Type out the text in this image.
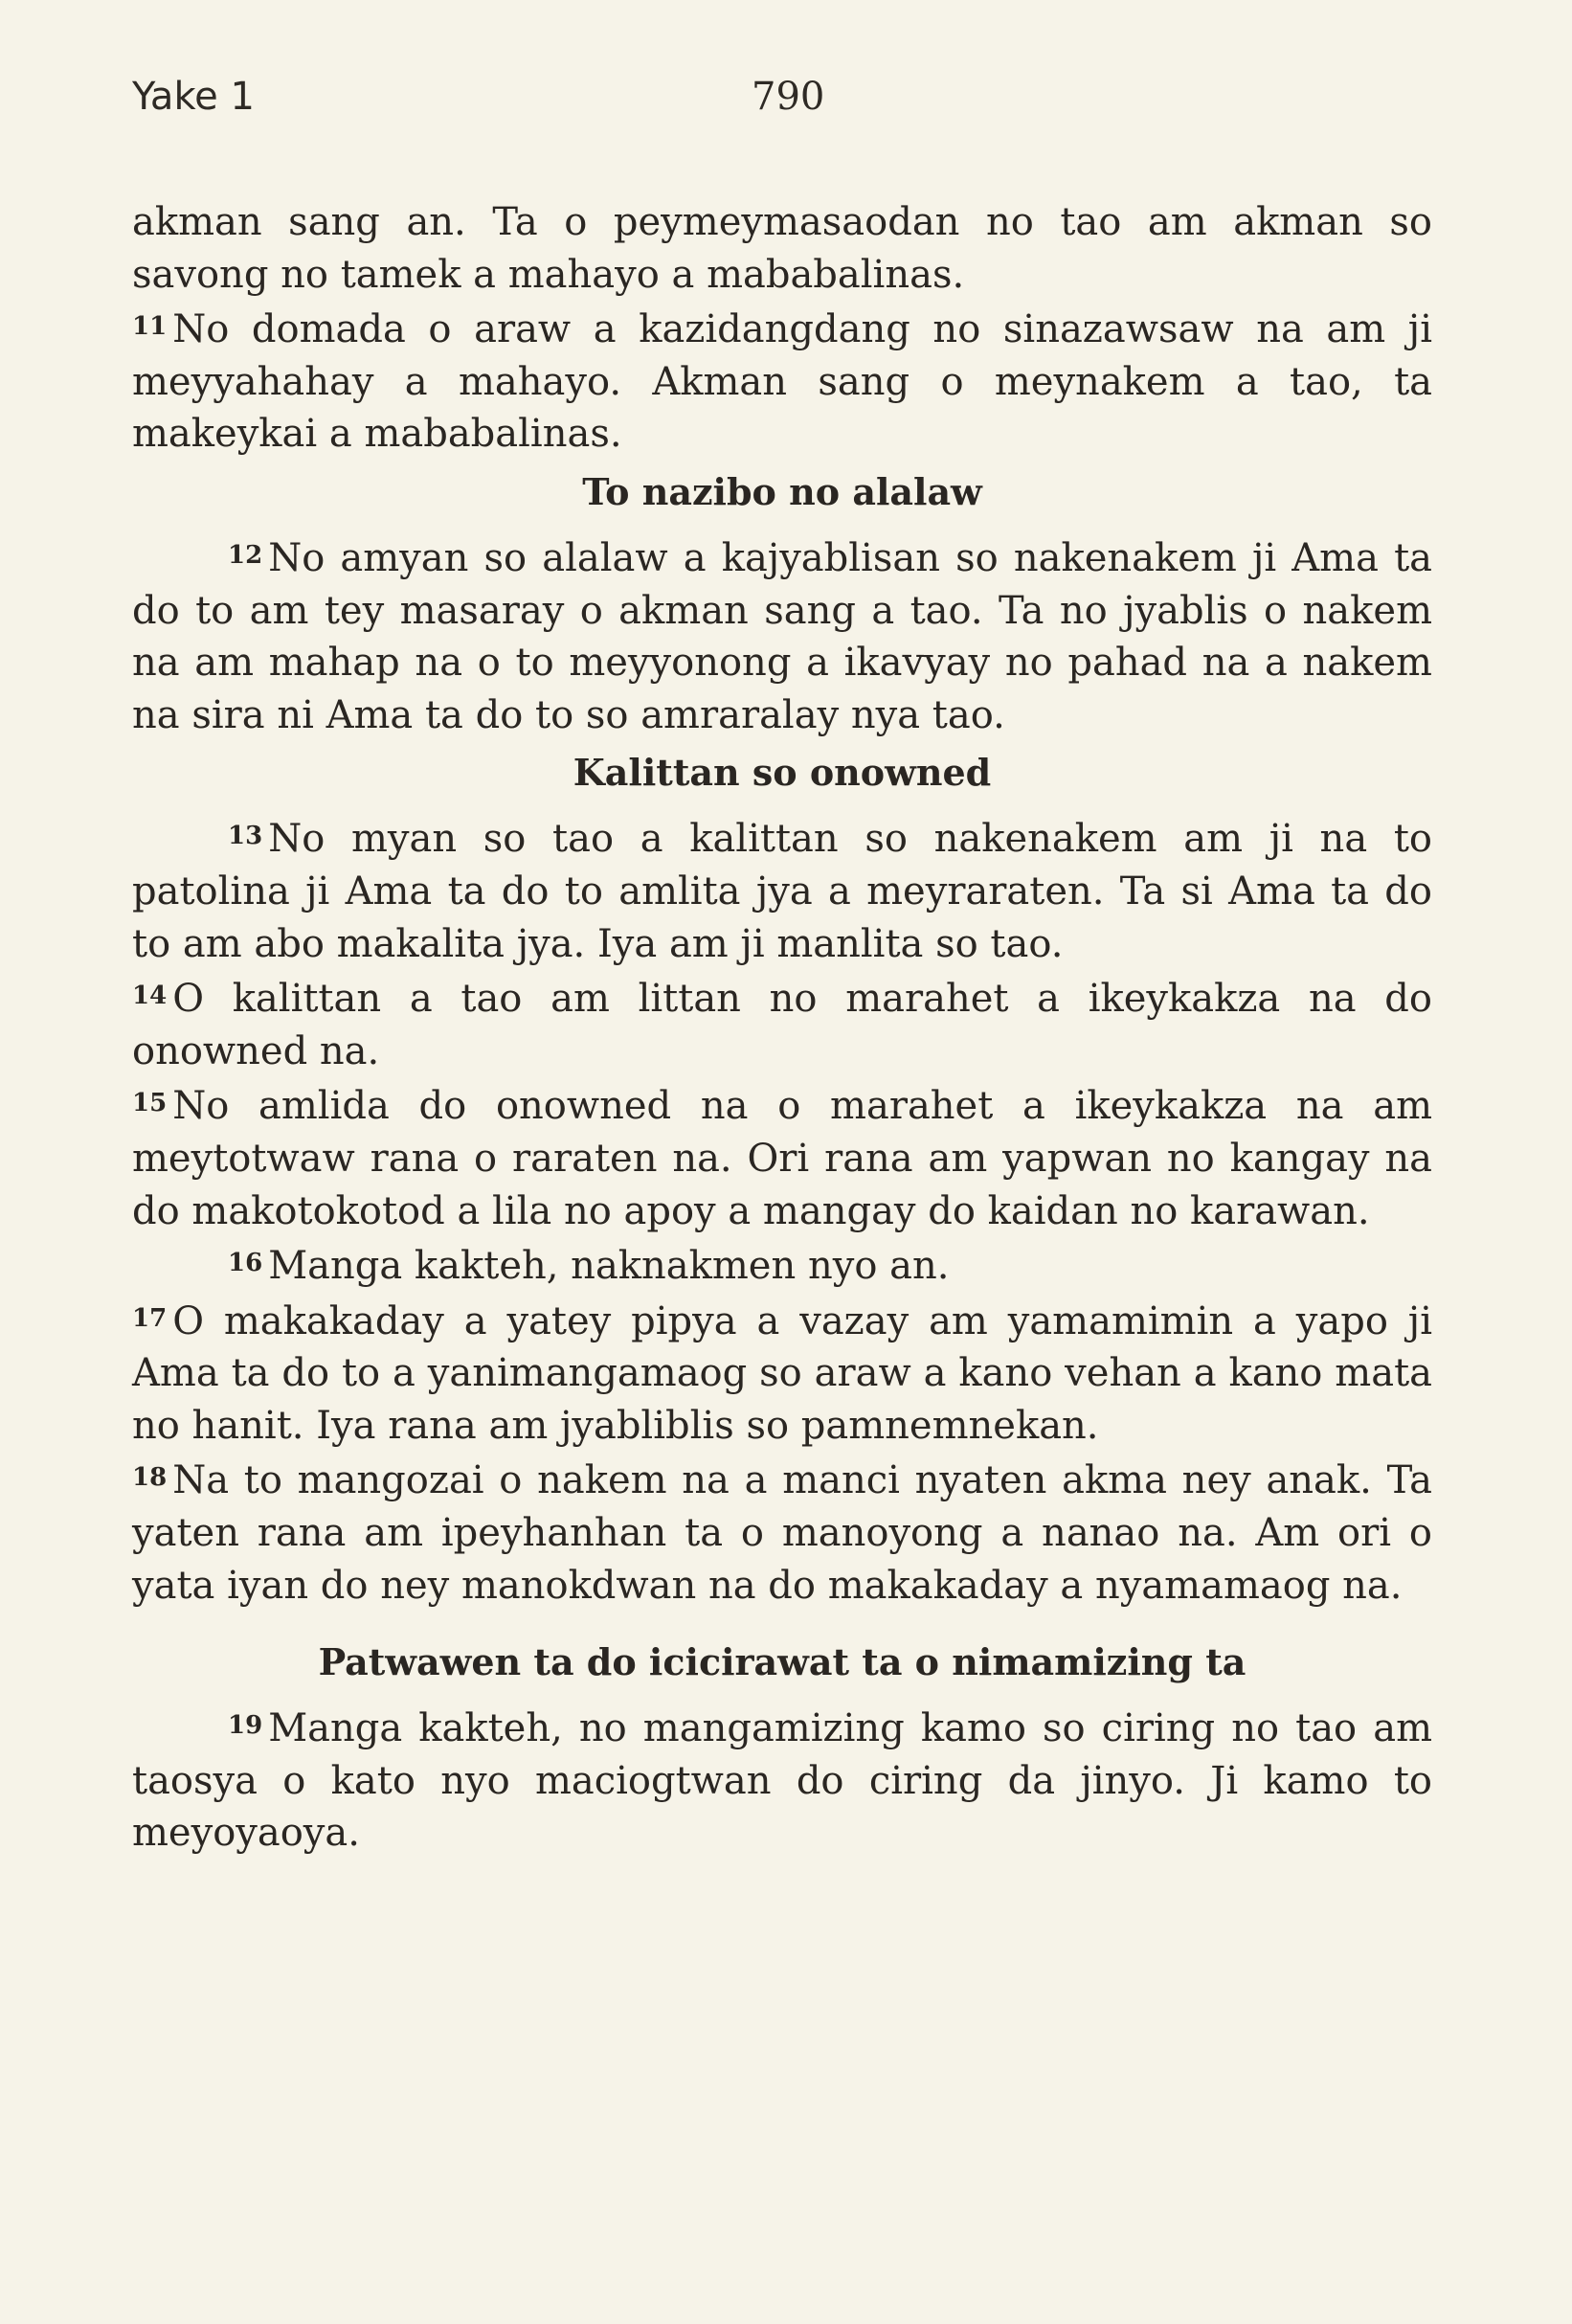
Yake 1	790

akman sang an. Ta o peymeymasaodan no tao am akman so savong no tamek a mahayo a mababalinas.

$^{11}$ No domada o araw a kazidangdang no sinazawsaw na am ji meyyahahay a mahayo. Akman sang o meynakem a tao, ta makeykai a mababalinas.

To nazibo no alalaw

$^{12}$ No amyan so alalaw a kajyablisan so nakenakem ji Ama ta do to am tey masaray o akman sang a tao. Ta no jyablis o nakem na am mahap na o to meyyonong a ikavyay no pahad na a nakem na sira ni Ama ta do to so amraralay nya tao.

Kalittan so onowned

$^{13}$ No myan so tao a kalittan so nakenakem am ji na to patolina ji Ama ta do to amlita jya a meyraraten. Ta si Ama ta do to am abo makalita jya. Iya am ji manlita so tao.

$^{14}$ O kalittan a tao am littan no marahet a ikeykakza na do onowned na.

$^{15}$ No amlida do onowned na o marahet a ikeykakza na am meytotwaw rana o raraten na. Ori rana am yapwan no kangay na do makotokotod a lila no apoy a mangay do kaidan no karawan.

$^{16}$ Manga kakteh, naknakmen nyo an.

$^{17}$ O makakaday a yatey pipya a vazay am yamamimin a yapo ji Ama ta do to a yanimangamaog so araw a kano vehan a kano mata no hanit. Iya rana am jyabliblis so pamnemnekan.

$^{18}$ Na to mangozai o nakem na a manci nyaten akma ney anak. Ta yaten rana am ipeyhanhan ta o manoyong a nanao na. Am ori o yata iyan do ney manokdwan na do makakaday a nyamamaog na.

Patwawen ta do icicirawat ta o nimamizing ta

$^{19}$ Manga kakteh, no mangamizing kamo so ciring no tao am taosya o kato nyo maciogtwan do ciring da jinyo. Ji kamo to meyoyaoya.
